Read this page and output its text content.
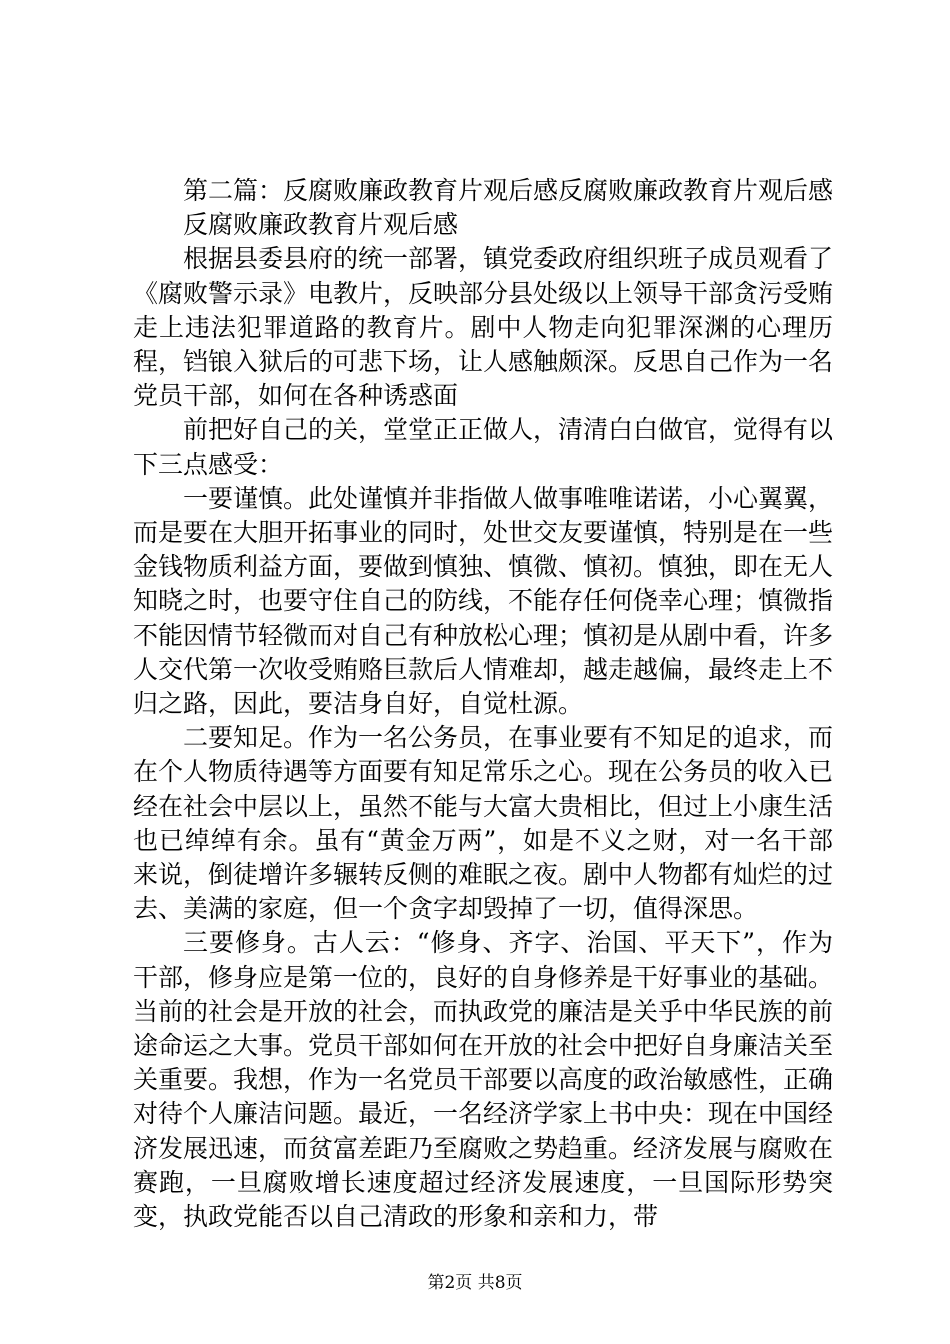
第二篇：反腐败廉政教育片观后感反腐败廉政教育片观后感

反腐败廉政教育片观后感

根据县委县府的统一部署，镇党委政府组织班子成员观看了《腐败警示录》电教片，反映部分县处级以上领导干部贪污受贿走上违法犯罪道路的教育片。剧中人物走向犯罪深渊的心理历程，铛锒入狱后的可悲下场，让人感触颇深。反思自己作为一名党员干部，如何在各种诱惑面

前把好自己的关，堂堂正正做人，清清白白做官，觉得有以下三点感受：

一要谨慎。此处谨慎并非指做人做事唯唯诺诺，小心翼翼，而是要在大胆开拓事业的同时，处世交友要谨慎，特别是在一些金钱物质利益方面，要做到慎独、慎微、慎初。慎独，即在无人知晓之时，也要守住自己的防线，不能存任何侥幸心理；慎微指不能因情节轻微而对自己有种放松心理；慎初是从剧中看，许多人交代第一次收受贿赂巨款后人情难却，越走越偏，最终走上不归之路，因此，要洁身自好，自觉杜源。

二要知足。作为一名公务员，在事业要有不知足的追求，而在个人物质待遇等方面要有知足常乐之心。现在公务员的收入已经在社会中层以上，虽然不能与大富大贵相比，但过上小康生活也已绰绰有余。虽有“黄金万两”，如是不义之财，对一名干部来说，倒徒增许多辗转反侧的难眠之夜。剧中人物都有灿烂的过去、美满的家庭，但一个贪字却毁掉了一切，值得深思。

三要修身。古人云：“修身、齐字、治国、平天下”，作为干部，修身应是第一位的，良好的自身修养是干好事业的基础。当前的社会是开放的社会，而执政党的廉洁是关乎中华民族的前途命运之大事。党员干部如何在开放的社会中把好自身廉洁关至关重要。我想，作为一名党员干部要以高度的政治敏感性，正确对待个人廉洁问题。最近，一名经济学家上书中央：现在中国经济发展迅速，而贫富差距乃至腐败之势趋重。经济发展与腐败在赛跑，一旦腐败增长速度超过经济发展速度，一旦国际形势突变，执政党能否以自己清政的形象和亲和力，带

第2页 共8页
